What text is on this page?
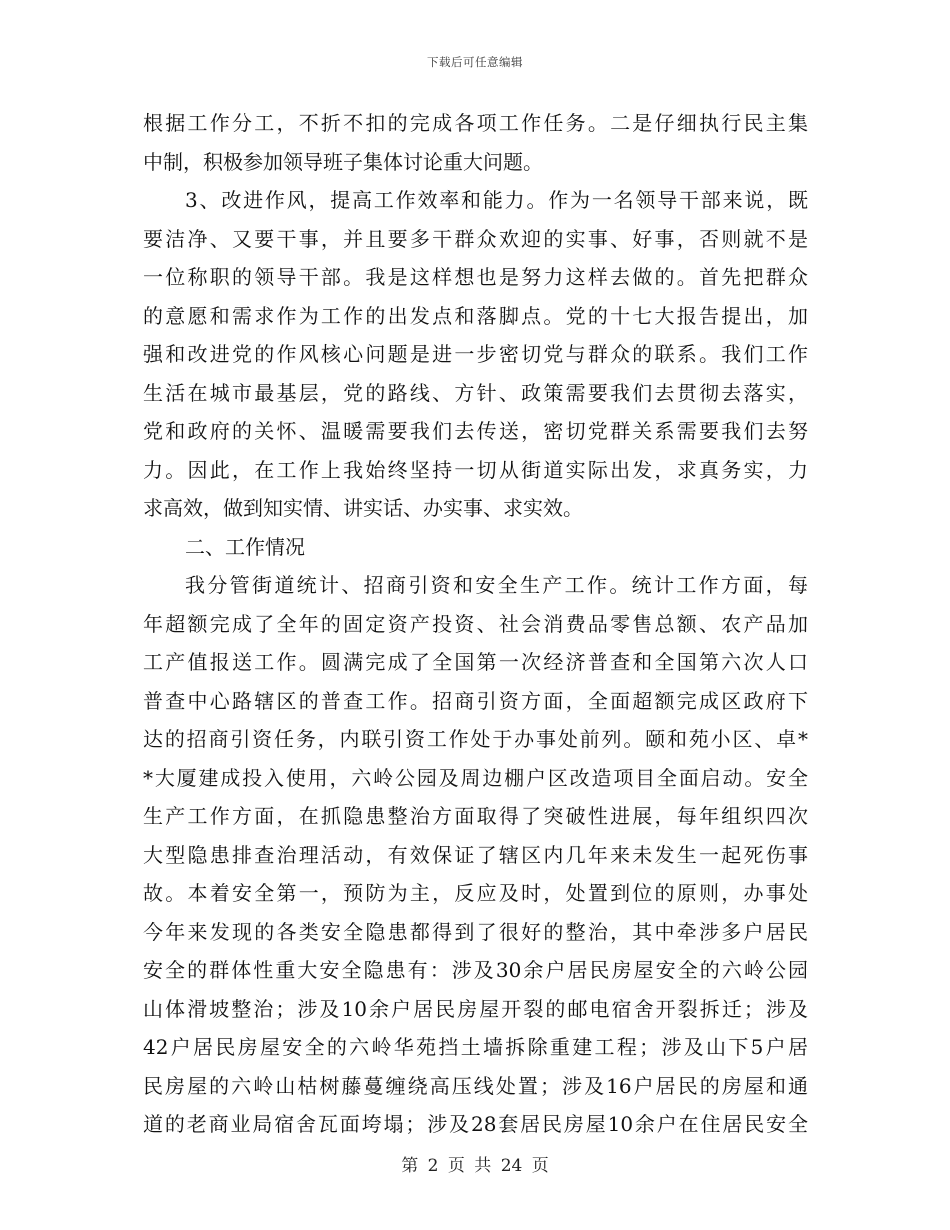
下载后可任意编辑
根据工作分工，不折不扣的完成各项工作任务。二是仔细执行民主集
中制，积极参加领导班子集体讨论重大问题。
3、改进作风，提高工作效率和能力。作为一名领导干部来说，既
要洁净、又要干事，并且要多干群众欢迎的实事、好事，否则就不是
一位称职的领导干部。我是这样想也是努力这样去做的。首先把群众
的意愿和需求作为工作的出发点和落脚点。党的十七大报告提出，加
强和改进党的作风核心问题是进一步密切党与群众的联系。我们工作
生活在城市最基层，党的路线、方针、政策需要我们去贯彻去落实，
党和政府的关怀、温暖需要我们去传送，密切党群关系需要我们去努
力。因此，在工作上我始终坚持一切从街道实际出发，求真务实，力
求高效，做到知实情、讲实话、办实事、求实效。
二、工作情况
我分管街道统计、招商引资和安全生产工作。统计工作方面，每
年超额完成了全年的固定资产投资、社会消费品零售总额、农产品加
工产值报送工作。圆满完成了全国第一次经济普查和全国第六次人口
普查中心路辖区的普查工作。招商引资方面，全面超额完成区政府下
达的招商引资任务，内联引资工作处于办事处前列。颐和苑小区、卓*
*大厦建成投入使用，六岭公园及周边棚户区改造项目全面启动。安全
生产工作方面，在抓隐患整治方面取得了突破性进展，每年组织四次
大型隐患排查治理活动，有效保证了辖区内几年来未发生一起死伤事
故。本着安全第一，预防为主，反应及时，处置到位的原则，办事处
今年来发现的各类安全隐患都得到了很好的整治，其中牵涉多户居民
安全的群体性重大安全隐患有：涉及30余户居民房屋安全的六岭公园
山体滑坡整治；涉及10余户居民房屋开裂的邮电宿舍开裂拆迁；涉及
42户居民房屋安全的六岭华苑挡土墙拆除重建工程；涉及山下5户居
民房屋的六岭山枯树藤蔓缠绕高压线处置；涉及16户居民的房屋和通
道的老商业局宿舍瓦面垮塌；涉及28套居民房屋10余户在住居民安全
第 2 页 共 24 页
